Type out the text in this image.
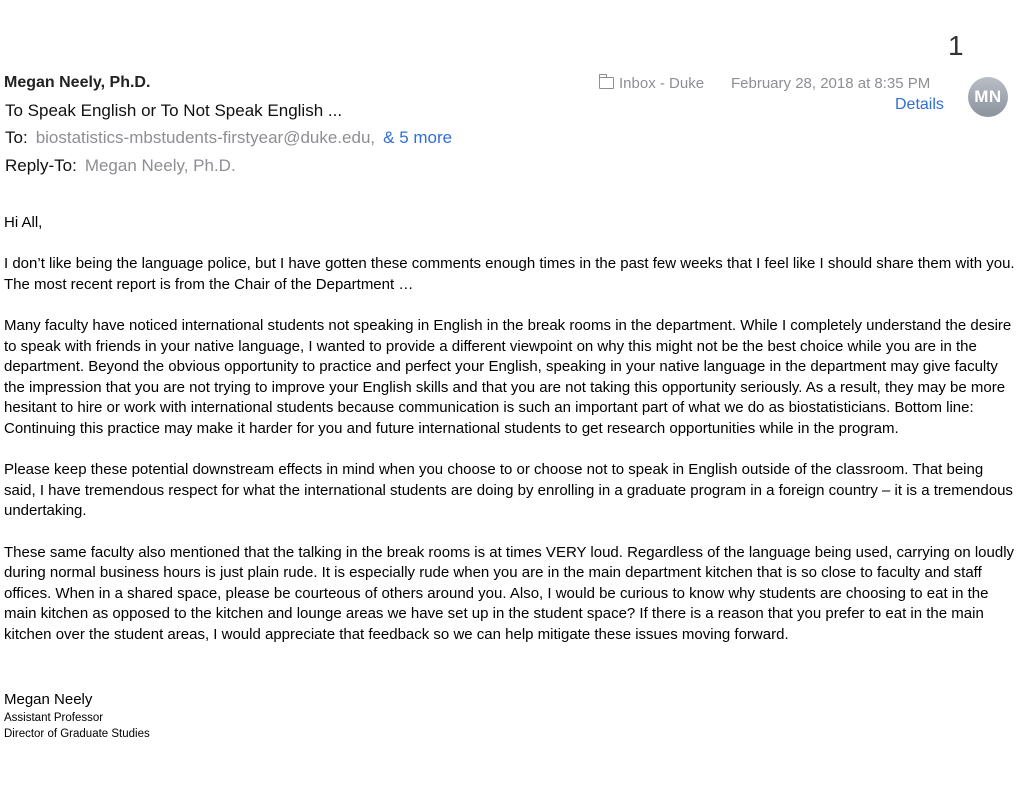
1
Megan Neely, Ph.D.
To Speak English or To Not Speak English ...
To: biostatistics-mbstudents-firstyear@duke.edu, & 5 more
Reply-To: Megan Neely, Ph.D.
Inbox - Duke February 28, 2018 at 8:35 PM
Details	MN

Hi All,

I don’t like being the language police, but I have gotten these comments enough times in the past few weeks that I feel like I should share them with you. The most recent report is from the Chair of the Department …

Many faculty have noticed international students not speaking in English in the break rooms in the department. While I completely understand the desire to speak with friends in your native language, I wanted to provide a different viewpoint on why this might not be the best choice while you are in the department. Beyond the obvious opportunity to practice and perfect your English, speaking in your native language in the department may give faculty the impression that you are not trying to improve your English skills and that you are not taking this opportunity seriously. As a result, they may be more hesitant to hire or work with international students because communication is such an important part of what we do as biostatisticians. Bottom line: Continuing this practice may make it harder for you and future international students to get research opportunities while in the program.

Please keep these potential downstream effects in mind when you choose to or choose not to speak in English outside of the classroom. That being said, I have tremendous respect for what the international students are doing by enrolling in a graduate program in a foreign country – it is a tremendous undertaking.

These same faculty also mentioned that the talking in the break rooms is at times VERY loud. Regardless of the language being used, carrying on loudly during normal business hours is just plain rude. It is especially rude when you are in the main department kitchen that is so close to faculty and staff offices. When in a shared space, please be courteous of others around you. Also, I would be curious to know why students are choosing to eat in the main kitchen as opposed to the kitchen and lounge areas we have set up in the student space? If there is a reason that you prefer to eat in the main kitchen over the student areas, I would appreciate that feedback so we can help mitigate these issues moving forward.

Megan Neely
Assistant Professor
Director of Graduate Studies
